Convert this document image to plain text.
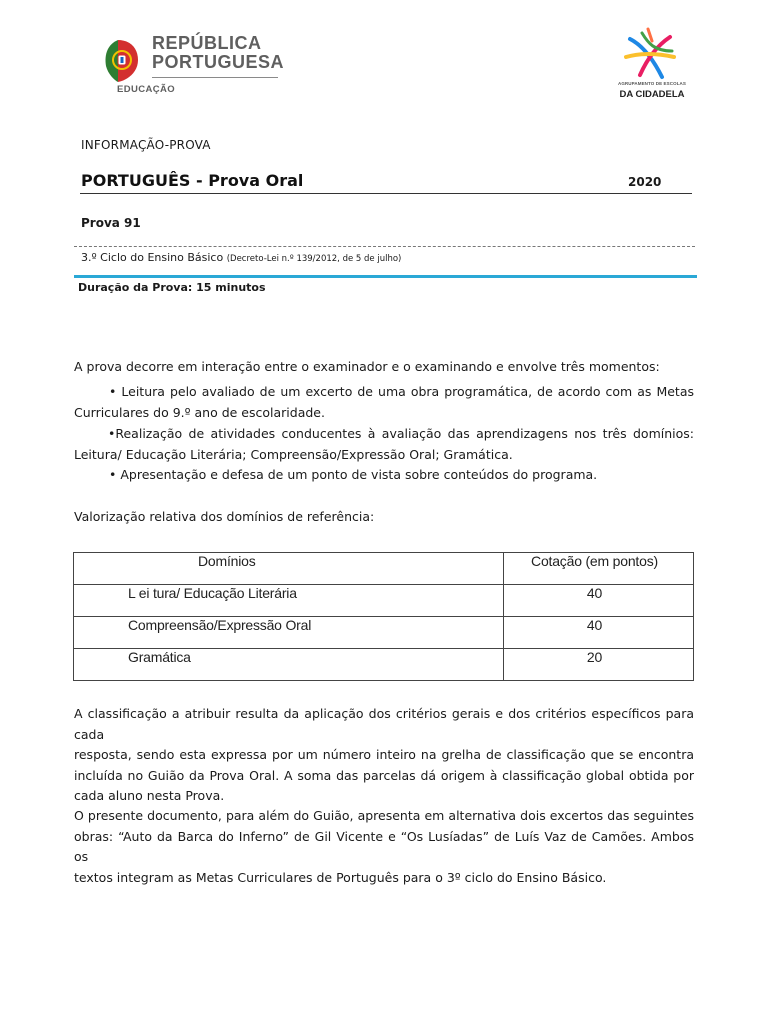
REPÚBLICA
PORTUGUESA
EDUCAÇÃO
AGRUPAMENTO DE ESCOLAS
DA CIDADELA
INFORMAÇÃO-PROVA
PORTUGUÊS - Prova Oral	2020
Prova 91
3.º Ciclo do Ensino Básico (Decreto-Lei n.º 139/2012, de 5 de julho)
Duração da Prova: 15 minutos
A prova decorre em interação entre o examinador e o examinando e envolve três momentos:
• Leitura pelo avaliado de um excerto de uma obra programática, de acordo com as Metas
Curriculares do 9.º ano de escolaridade.
•Realização de atividades conducentes à avaliação das aprendizagens nos três domínios:
Leitura/ Educação Literária; Compreensão/Expressão Oral; Gramática.
• Apresentação e defesa de um ponto de vista sobre conteúdos do programa.
Valorização relativa dos domínios de referência:
Domínios	Cotação (em pontos)
L ei tura/ Educação Literária	40
Compreensão/Expressão Oral	40
Gramática	20
A classificação a atribuir resulta da aplicação dos critérios gerais e dos critérios específicos para cada
resposta, sendo esta expressa por um número inteiro na grelha de classificação que se encontra
incluída no Guião da Prova Oral. A soma das parcelas dá origem à classificação global obtida por
cada aluno nesta Prova.
O presente documento, para além do Guião, apresenta em alternativa dois excertos das seguintes
obras: “Auto da Barca do Inferno” de Gil Vicente e “Os Lusíadas” de Luís Vaz de Camões. Ambos os
textos integram as Metas Curriculares de Português para o 3º ciclo do Ensino Básico.
